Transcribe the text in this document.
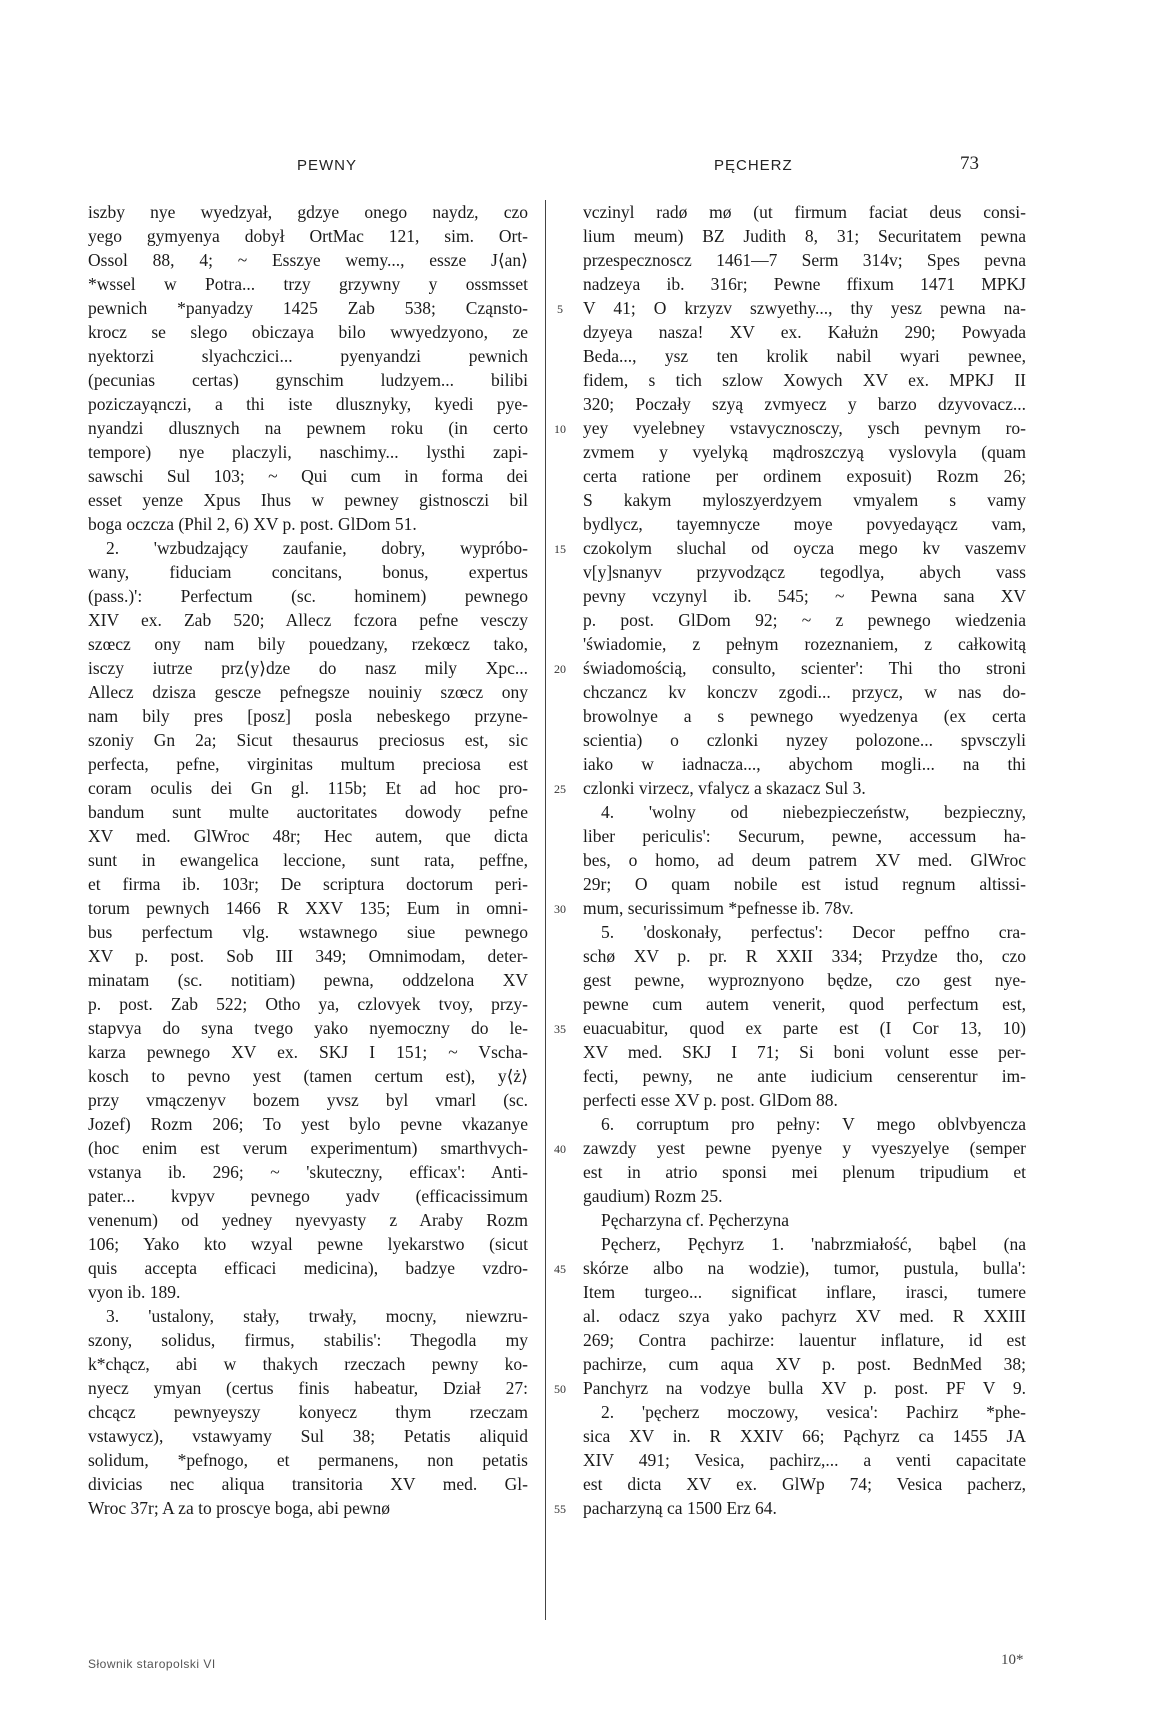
PEWNY	PĘCHERZ	73
iszby nye wyedzyał, gdzye onego naydz, czo
yego gymyenya dobył OrtMac 121, sim. Ort-
Ossol 88, 4; ~ Esszye wemy..., essze J⟨an⟩
*wssel w Potra... trzy grzywny y ossmsset
pewnich *panyadzy 1425 Zab 538; Cząnsto-
krocz se slego obiczaya bilo wwyedzyono, ze
nyektorzi slyachczici... pyenyandzi pewnich
(pecunias certas) gynschim ludzyem... bilibi
poziczayąnczi, a thi iste dlusznyky, kyedi pye-
nyandzi dlusznych na pewnem roku (in certo
tempore) nye placzyli, naschimy... lysthi zapi-
sawschi Sul 103; ~ Qui cum in forma dei
esset yenze Xpus Ihus w pewney gistnosczi bil
boga oczcza (Phil 2, 6) XV p. post. GlDom 51.
2. 'wzbudzający zaufanie, dobry, wypróbo-
wany, fiduciam concitans, bonus, expertus
(pass.)': Perfectum (sc. hominem) pewnego
XIV ex. Zab 520; Allecz fczora pefne vesczy
szœcz ony nam bily pouedzany, rzekœcz tako,
isczy iutrze prz⟨y⟩dze do nasz mily Xpc...
Allecz dzisza gescze pefnegsze nouiniy szœcz ony
nam bily pres [posz] posla nebeskego przyne-
szoniy Gn 2a; Sicut thesaurus preciosus est, sic
perfecta, pefne, virginitas multum preciosa est
coram oculis dei Gn gl. 115b; Et ad hoc pro-
bandum sunt multe auctoritates dowody pefne
XV med. GlWroc 48r; Hec autem, que dicta
sunt in ewangelica leccione, sunt rata, peffne,
et firma ib. 103r; De scriptura doctorum peri-
torum pewnych 1466 R XXV 135; Eum in omni-
bus perfectum vlg. wstawnego siue pewnego
XV p. post. Sob III 349; Omnimodam, deter-
minatam (sc. notitiam) pewna, oddzelona XV
p. post. Zab 522; Otho ya, czlovyek tvoy, przy-
stapvya do syna tvego yako nyemoczny do le-
karza pewnego XV ex. SKJ I 151; ~ Vscha-
kosch to pevno yest (tamen certum est), y⟨ż⟩
przy vmączenyv bozem yvsz byl vmarl (sc.
Jozef) Rozm 206; To yest bylo pevne vkazanye
(hoc enim est verum experimentum) smarthvych-
vstanya ib. 296; ~ 'skuteczny, efficax': Anti-
pater... kvpyv pevnego yadv (efficacissimum
venenum) od yedney nyevyasty z Araby Rozm
106; Yako kto wzyal pewne lyekarstwo (sicut
quis accepta efficaci medicina), badzye vzdro-
vyon ib. 189.
3. 'ustalony, stały, trwały, mocny, niewzru-
szony, solidus, firmus, stabilis': Thegodla my
k*chącz, abi w thakych rzeczach pewny ko-
nyecz ymyan (certus finis habeatur, Dział 27:
chcącz pewnyeyszy konyecz thym rzeczam
vstawycz), vstawyamy Sul 38; Petatis aliquid
solidum, *pefnogo, et permanens, non petatis
divicias nec aliqua transitoria XV med. Gl-
Wroc 37r; A za to proscye boga, abi pewnø
5
10
15
20
25
30
35
40
45
50
55
vczinyl radø mø (ut firmum faciat deus consi-
lium meum) BZ Judith 8, 31; Securitatem pewna
przespecznoscz 1461—7 Serm 314v; Spes pevna
nadzeya ib. 316r; Pewne ffixum 1471 MPKJ
V 41; O krzyzv szwyethy..., thy yesz pewna na-
dzyeya nasza! XV ex. Kałużn 290; Powyada
Beda..., ysz ten krolik nabil wyari pewnee,
fidem, s tich szlow Xowych XV ex. MPKJ II
320; Poczały szyą zvmyecz y barzo dzyvovacz...
yey vyelebney vstavycznosczy, ysch pevnym ro-
zvmem y vyelyką mądroszczyą vyslovyla (quam
certa ratione per ordinem exposuit) Rozm 26;
S kakym myloszyerdzyem vmyalem s vamy
bydlycz, tayemnycze moye povyedayącz vam,
czokolym sluchal od oycza mego kv vaszemv
v[y]snanyv przyvodzącz tegodlya, abych vass
pevny vczynyl ib. 545; ~ Pewna sana XV
p. post. GlDom 92; ~ z pewnego wiedzenia
'świadomie, z pełnym rozeznaniem, z całkowitą
świadomością, consulto, scienter': Thi tho stroni
chczancz kv konczv zgodi... przycz, w nas do-
browolnye a s pewnego wyedzenya (ex certa
scientia) o czlonki nyzey polozone... spvsczyli
iako w iadnacza..., abychom mogli... na thi
czlonki virzecz, vfalycz a skazacz Sul 3.
4. 'wolny od niebezpieczeństw, bezpieczny,
liber periculis': Securum, pewne, accessum ha-
bes, o homo, ad deum patrem XV med. GlWroc
29r; O quam nobile est istud regnum altissi-
mum, securissimum *pefnesse ib. 78v.
5. 'doskonały, perfectus': Decor peffno cra-
schø XV p. pr. R XXII 334; Przydze tho, czo
gest pewne, wyproznyono będze, czo gest nye-
pewne cum autem venerit, quod perfectum est,
euacuabitur, quod ex parte est (I Cor 13, 10)
XV med. SKJ I 71; Si boni volunt esse per-
fecti, pewny, ne ante iudicium censerentur im-
perfecti esse XV p. post. GlDom 88.
6. corruptum pro pełny: V mego oblvbyencza
zawzdy yest pewne pyenye y vyeszyelye (semper
est in atrio sponsi mei plenum tripudium et
gaudium) Rozm 25.
Pęcharzyna cf. Pęcherzyna
Pęcherz, Pęchyrz 1. 'nabrzmiałość, bąbel (na
skórze albo na wodzie), tumor, pustula, bulla':
Item turgeo... significat inflare, irasci, tumere
al. odacz szya yako pachyrz XV med. R XXIII
269; Contra pachirze: lauentur inflature, id est
pachirze, cum aqua XV p. post. BednMed 38;
Panchyrz na vodzye bulla XV p. post. PF V 9.
2. 'pęcherz moczowy, vesica': Pachirz *phe-
sica XV in. R XXIV 66; Pąchyrz ca 1455 JA
XIV 491; Vesica, pachirz,... a venti capacitate
est dicta XV ex. GlWp 74; Vesica pacherz,
pacharzyną ca 1500 Erz 64.
Słownik staropolski VI	10*
